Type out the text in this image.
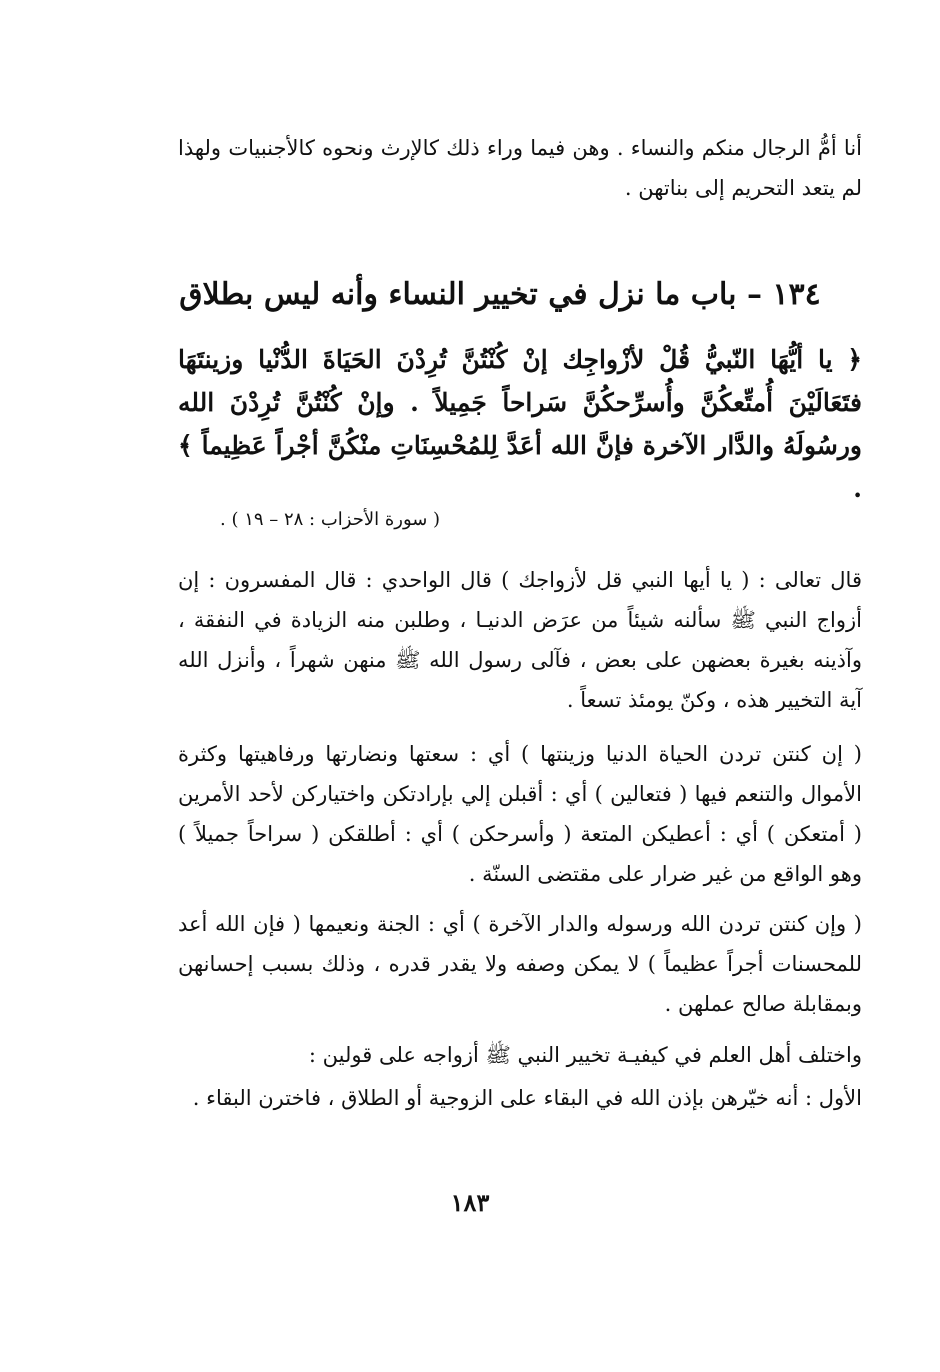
أنا أمُّ الرجال منكم والنساء . وهن فيما وراء ذلك كالإرث ونحوه كالأجنبيات ولهذا لم يتعد التحريم إلى بناتهن .

١٣٤ – باب ما نزل في تخيير النساء وأنه ليس بطلاق

﴿ يا أيُّهَا النّبيُّ قُلْ لأزْواجِك إنْ كُنْتُنَّ تُرِدْنَ الحَيَاةَ الدُّنْيا وزينتَهَا فتَعَالَيْنَ أُمتِّعكُنَّ وأُسرِّحكُنَّ سَراحاً جَمِيلاً . وإنْ كُنْتُنَّ تُرِدْنَ الله ورسُولَهُ والدَّار الآخرة فإنَّ الله أعَدَّ لِلمُحْسِنَاتِ منْكُنَّ أجْراً عَظِيماً ﴾ .

( سورة الأحزاب : ٢٨ – ١٩ ) .

قال تعالى : ( يا أيها النبي قل لأزواجك ) قال الواحدي : قال المفسرون : إن أزواج النبي ﷺ سألنه شيئاً من عرَض الدنيـا ، وطلبن منه الزيادة في النفقة ، وآذينه بغيرة بعضهن على بعض ، فآلى رسول الله ﷺ منهن شهراً ، وأنزل الله آية التخيير هذه ، وكنّ يومئذ تسعاً .

( إن كنتن تردن الحياة الدنيا وزينتها ) أي : سعتها ونضارتها ورفاهيتها وكثرة الأموال والتنعم فيها ( فتعالين ) أي : أقبلن إلي بإرادتكن واختياركن لأحد الأمرين ( أمتعكن ) أي : أعطيكن المتعة ( وأسرحكن ) أي : أطلقكن ( سراحاً جميلاً ) وهو الواقع من غير ضرار على مقتضى السنّة .

( وإن كنتن تردن الله ورسوله والدار الآخرة ) أي : الجنة ونعيمها ( فإن الله أعد للمحسنات أجراً عظيماً ) لا يمكن وصفه ولا يقدر قدره ، وذلك بسبب إحسانهن وبمقابلة صالح عملهن .

واختلف أهل العلم في كيفيـة تخيير النبي ﷺ أزواجه على قولين :

الأول : أنه خيّرهن بإذن الله في البقاء على الزوجية أو الطلاق ، فاخترن البقاء .

١٨٣
